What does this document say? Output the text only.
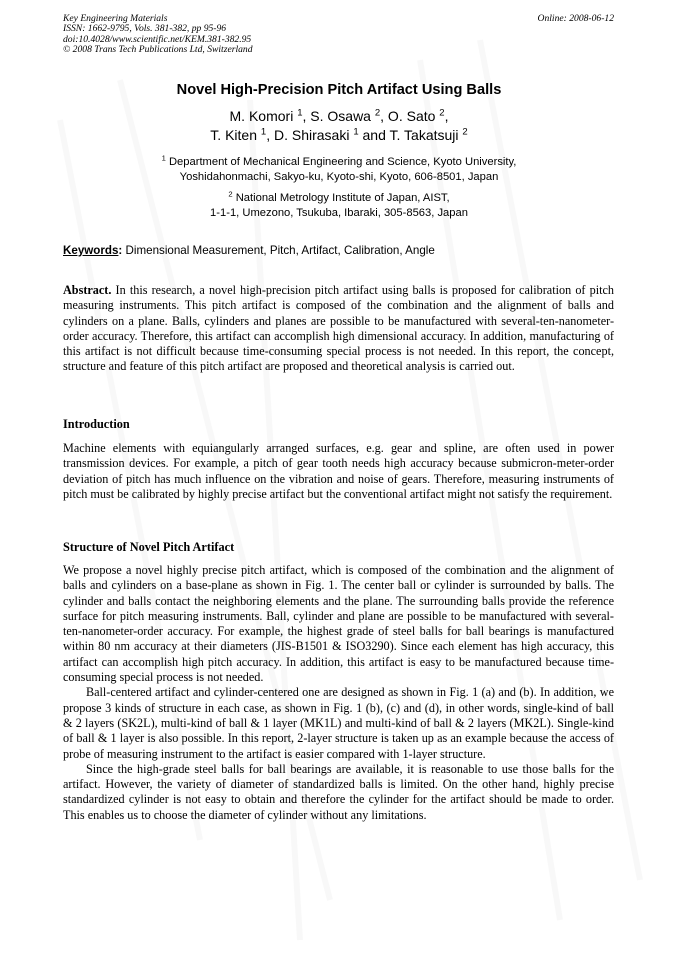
Key Engineering Materials
ISSN: 1662-9795, Vols. 381-382, pp 95-96
doi:10.4028/www.scientific.net/KEM.381-382.95
© 2008 Trans Tech Publications Ltd, Switzerland
Online: 2008-06-12
Novel High-Precision Pitch Artifact Using Balls
M. Komori $^1$, S. Osawa $^2$, O. Sato $^2$,
T. Kiten $^1$, D. Shirasaki $^1$ and T. Takatsuji $^2$
$^1$ Department of Mechanical Engineering and Science, Kyoto University,
Yoshidahonmachi, Sakyo-ku, Kyoto-shi, Kyoto, 606-8501, Japan
$^2$ National Metrology Institute of Japan, AIST,
1-1-1, Umezono, Tsukuba, Ibaraki, 305-8563, Japan
Keywords: Dimensional Measurement, Pitch, Artifact, Calibration, Angle

Abstract. In this research, a novel high-precision pitch artifact using balls is proposed for calibration of pitch measuring instruments. This pitch artifact is composed of the combination and the alignment of balls and cylinders on a plane. Balls, cylinders and planes are possible to be manufactured with several-ten-nanometer-order accuracy. Therefore, this artifact can accomplish high dimensional accuracy. In addition, manufacturing of this artifact is not difficult because time-consuming special process is not needed. In this report, the concept, structure and feature of this pitch artifact are proposed and theoretical analysis is carried out.

Introduction

Machine elements with equiangularly arranged surfaces, e.g. gear and spline, are often used in power transmission devices. For example, a pitch of gear tooth needs high accuracy because submicron-meter-order deviation of pitch has much influence on the vibration and noise of gears. Therefore, measuring instruments of pitch must be calibrated by highly precise artifact but the conventional artifact might not satisfy the requirement.

Structure of Novel Pitch Artifact

We propose a novel highly precise pitch artifact, which is composed of the combination and the alignment of balls and cylinders on a base-plane as shown in Fig. 1. The center ball or cylinder is surrounded by balls. The cylinder and balls contact the neighboring elements and the plane. The surrounding balls provide the reference surface for pitch measuring instruments. Ball, cylinder and plane are possible to be manufactured with several-ten-nanometer-order accuracy. For example, the highest grade of steel balls for ball bearings is manufactured within 80 nm accuracy at their diameters (JIS-B1501 & ISO3290). Since each element has high accuracy, this artifact can accomplish high pitch accuracy. In addition, this artifact is easy to be manufactured because time-consuming special process is not needed.

Ball-centered artifact and cylinder-centered one are designed as shown in Fig. 1 (a) and (b). In addition, we propose 3 kinds of structure in each case, as shown in Fig. 1 (b), (c) and (d), in other words, single-kind of ball & 2 layers (SK2L), multi-kind of ball & 1 layer (MK1L) and multi-kind of ball & 2 layers (MK2L). Single-kind of ball & 1 layer is also possible. In this report, 2-layer structure is taken up as an example because the access of probe of measuring instrument to the artifact is easier compared with 1-layer structure.

Since the high-grade steel balls for ball bearings are available, it is reasonable to use those balls for the artifact. However, the variety of diameter of standardized balls is limited. On the other hand, highly precise standardized cylinder is not easy to obtain and therefore the cylinder for the artifact should be made to order. This enables us to choose the diameter of cylinder without any limitations.
